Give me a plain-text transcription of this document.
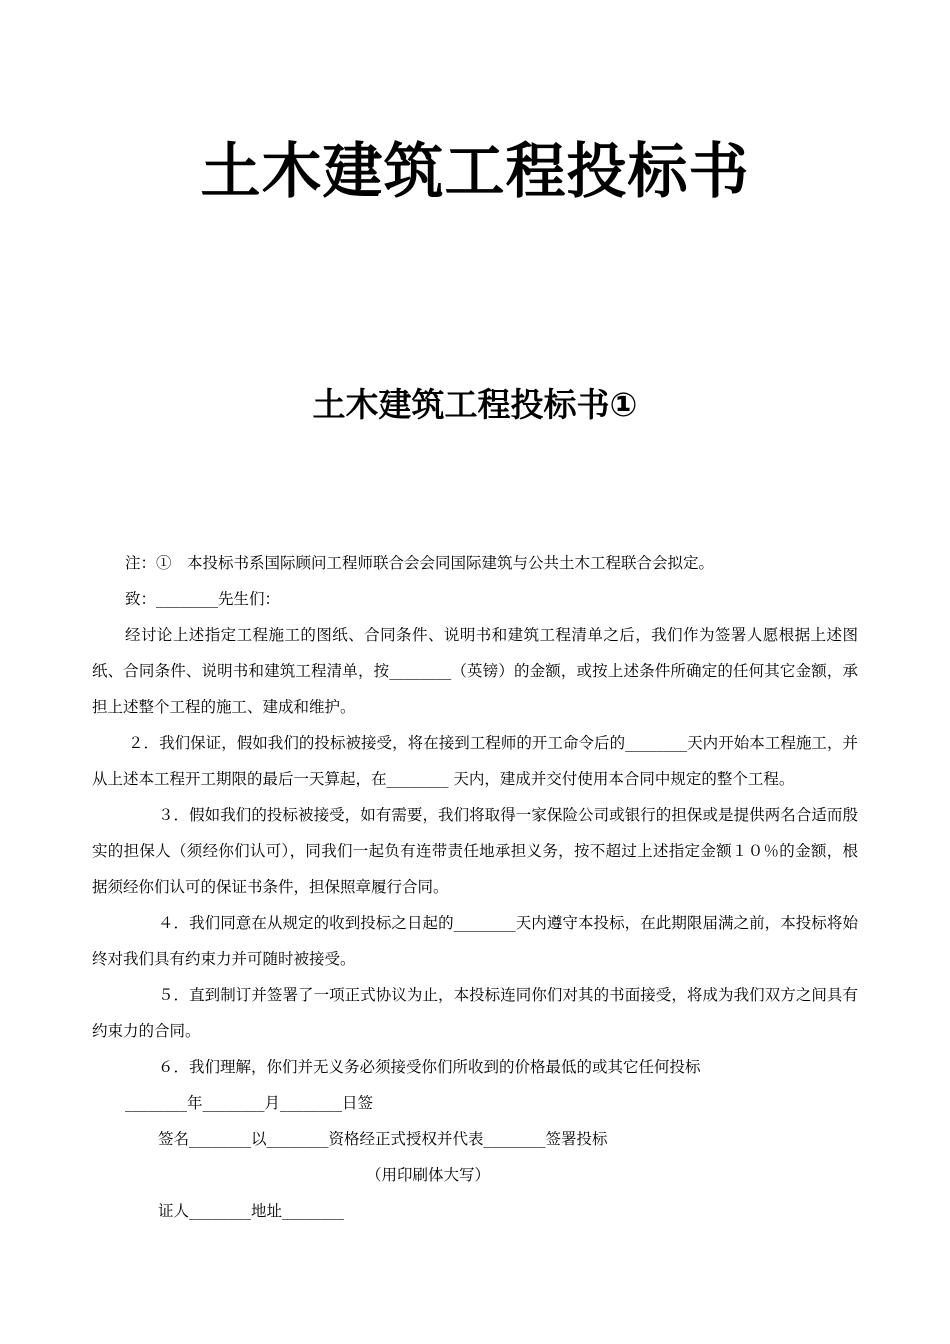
土木建筑工程投标书
土木建筑工程投标书①

注：①　本投标书系国际顾问工程师联合会会同国际建筑与公共土木工程联合会拟定。

致：________先生们：

经讨论上述指定工程施工的图纸、合同条件、说明书和建筑工程清单之后，我们作为签署人愿根据上述图纸、合同条件、说明书和建筑工程清单，按________（英镑）的金额，或按上述条件所确定的任何其它金额，承担上述整个工程的施工、建成和维护。

２．我们保证，假如我们的投标被接受，将在接到工程师的开工命令后的________天内开始本工程施工，并从上述本工程开工期限的最后一天算起，在________ 天内，建成并交付使用本合同中规定的整个工程。

３．假如我们的投标被接受，如有需要，我们将取得一家保险公司或银行的担保或是提供两名合适而殷实的担保人（须经你们认可），同我们一起负有连带责任地承担义务，按不超过上述指定金额１０％的金额，根据须经你们认可的保证书条件，担保照章履行合同。

４．我们同意在从规定的收到投标之日起的________天内遵守本投标，在此期限届满之前，本投标将始终对我们具有约束力并可随时被接受。

５．直到制订并签署了一项正式协议为止，本投标连同你们对其的书面接受，将成为我们双方之间具有约束力的合同。

６．我们理解，你们并无义务必须接受你们所收到的价格最低的或其它任何投标

________年________月________日签

签名________以________资格经正式授权并代表________签署投标

（用印刷体大写）

证人________地址________
